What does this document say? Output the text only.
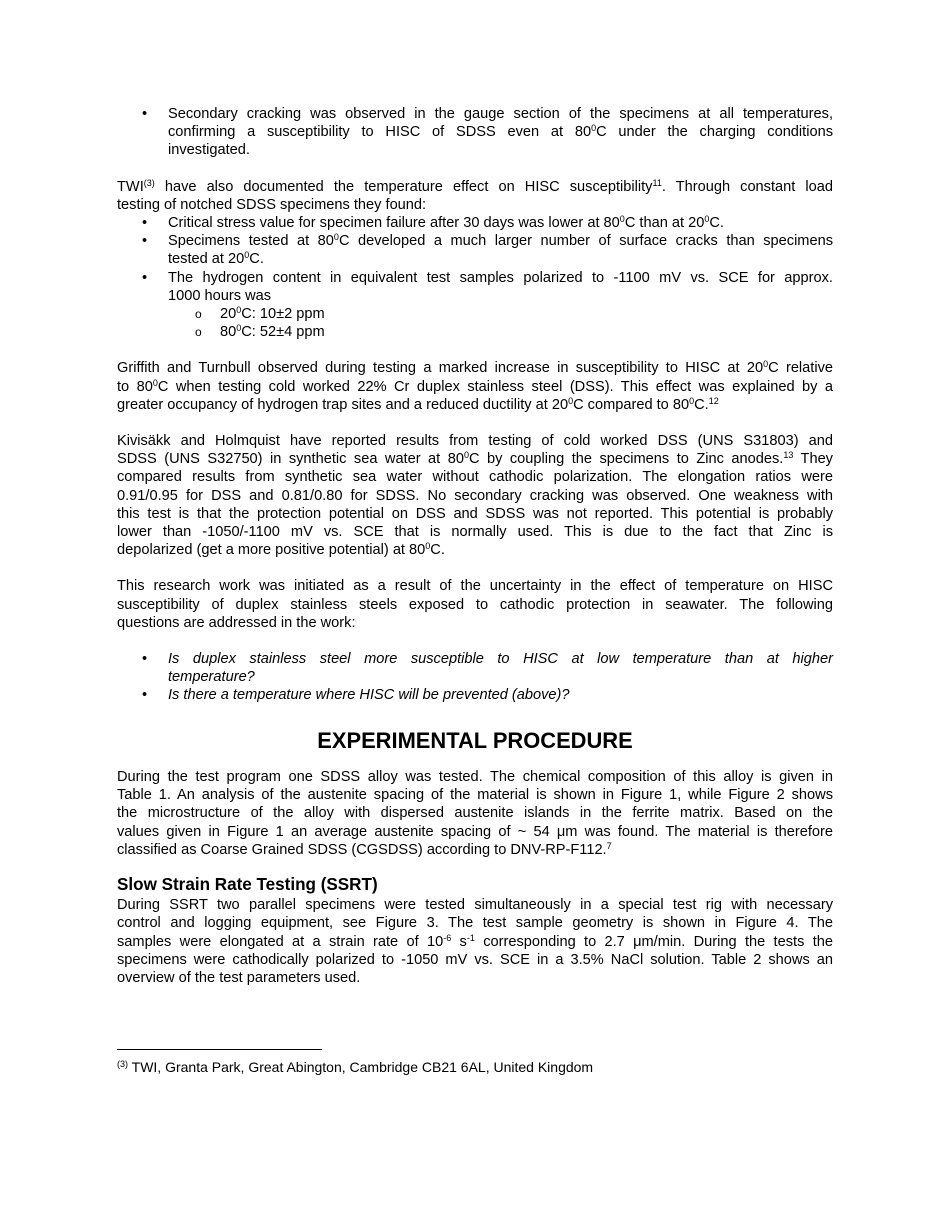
• Secondary cracking was observed in the gauge section of the specimens at all temperatures,
confirming a susceptibility to HISC of SDSS even at $80^0C$ under the charging conditions
investigated.

TWI$^{(3)}$ have also documented the temperature effect on HISC susceptibility$^{11}$. Through constant load
testing of notched SDSS specimens they found:

• Critical stress value for specimen failure after 30 days was lower at $80^0C$ than at $20^0C$.
• Specimens tested at $80^0C$ developed a much larger number of surface cracks than specimens
tested at $20^0C$.
• The hydrogen content in equivalent test samples polarized to -1100 mV vs. SCE for approx.
1000 hours was
o $20^0C$: 10±2 ppm
o $80^0C$: 52±4 ppm

Griffith and Turnbull observed during testing a marked increase in susceptibility to HISC at $20^0C$ relative
to $80^0C$ when testing cold worked 22% Cr duplex stainless steel (DSS). This effect was explained by a
greater occupancy of hydrogen trap sites and a reduced ductility at $20^0C$ compared to $80^0C.^{12}$

Kivisäkk and Holmquist have reported results from testing of cold worked DSS (UNS S31803) and
SDSS (UNS S32750) in synthetic sea water at $80^0C$ by coupling the specimens to Zinc anodes.$^{13}$ They
compared results from synthetic sea water without cathodic polarization. The elongation ratios were
0.91/0.95 for DSS and 0.81/0.80 for SDSS. No secondary cracking was observed. One weakness with
this test is that the protection potential on DSS and SDSS was not reported. This potential is probably
lower than -1050/-1100 mV vs. SCE that is normally used. This is due to the fact that Zinc is
depolarized (get a more positive potential) at $80^0C$.

This research work was initiated as a result of the uncertainty in the effect of temperature on HISC
susceptibility of duplex stainless steels exposed to cathodic protection in seawater. The following
questions are addressed in the work:

• Is duplex stainless steel more susceptible to HISC at low temperature than at higher
temperature?
• Is there a temperature where HISC will be prevented (above)?
EXPERIMENTAL PROCEDURE

During the test program one SDSS alloy was tested. The chemical composition of this alloy is given in
Table 1. An analysis of the austenite spacing of the material is shown in Figure 1, while Figure 2 shows
the microstructure of the alloy with dispersed austenite islands in the ferrite matrix. Based on the
values given in Figure 1 an average austenite spacing of ~ 54 μm was found. The material is therefore
classified as Coarse Grained SDSS (CGSDSS) according to DNV-RP-F112.$^7$

Slow Strain Rate Testing (SSRT)

During SSRT two parallel specimens were tested simultaneously in a special test rig with necessary
control and logging equipment, see Figure 3. The test sample geometry is shown in Figure 4. The
samples were elongated at a strain rate of $10^{-6}$ $s^{-1}$ corresponding to 2.7 μm/min. During the tests the
specimens were cathodically polarized to -1050 mV vs. SCE in a 3.5% NaCl solution. Table 2 shows an
overview of the test parameters used.

$^{(3)}$ TWI, Granta Park, Great Abington, Cambridge CB21 6AL, United Kingdom
